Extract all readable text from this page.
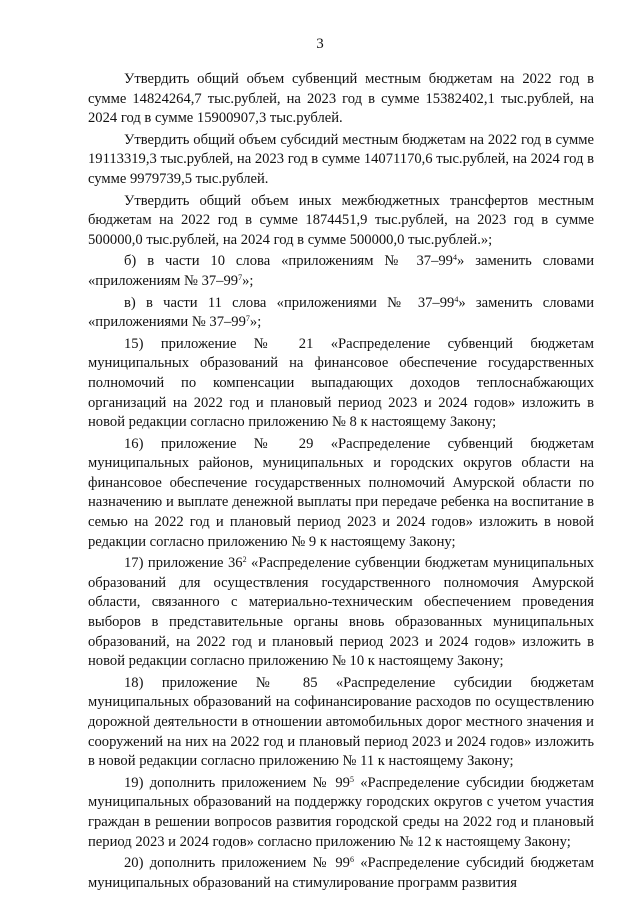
3

Утвердить общий объем субвенций местным бюджетам на 2022 год в сумме 14824264,7 тыс.рублей, на 2023 год в сумме 15382402,1 тыс.рублей, на 2024 год в сумме 15900907,3 тыс.рублей.

Утвердить общий объем субсидий местным бюджетам на 2022 год в сумме 19113319,3 тыс.рублей, на 2023 год в сумме 14071170,6 тыс.рублей, на 2024 год в сумме 9979739,5 тыс.рублей.

Утвердить общий объем иных межбюджетных трансфертов местным бюджетам на 2022 год в сумме 1874451,9 тыс.рублей, на 2023 год в сумме 500000,0 тыс.рублей, на 2024 год в сумме 500000,0 тыс.рублей.»;

б) в части 10 слова «приложениям № $37-99^4$» заменить словами «приложениям № $37-99^7$»;

в) в части 11 слова «приложениями № $37-99^4$» заменить словами «приложениями № $37-99^7$»;

15) приложение № 21 «Распределение субвенций бюджетам муниципальных образований на финансовое обеспечение государственных полномочий по компенсации выпадающих доходов теплоснабжающих организаций на 2022 год и плановый период 2023 и 2024 годов» изложить в новой редакции согласно приложению № 8 к настоящему Закону;

16) приложение № 29 «Распределение субвенций бюджетам муниципальных районов, муниципальных и городских округов области на финансовое обеспечение государственных полномочий Амурской области по назначению и выплате денежной выплаты при передаче ребенка на воспитание в семью на 2022 год и плановый период 2023 и 2024 годов» изложить в новой редакции согласно приложению № 9 к настоящему Закону;

17) приложение $36^2$ «Распределение субвенции бюджетам муниципальных образований для осуществления государственного полномочия Амурской области, связанного с материально-техническим обеспечением проведения выборов в представительные органы вновь образованных муниципальных образований, на 2022 год и плановый период 2023 и 2024 годов» изложить в новой редакции согласно приложению № 10 к настоящему Закону;

18) приложение № 85 «Распределение субсидии бюджетам муниципальных образований на софинансирование расходов по осуществлению дорожной деятельности в отношении автомобильных дорог местного значения и сооружений на них на 2022 год и плановый период 2023 и 2024 годов» изложить в новой редакции согласно приложению № 11 к настоящему Закону;

19) дополнить приложением № $99^5$ «Распределение субсидии бюджетам муниципальных образований на поддержку городских округов с учетом участия граждан в решении вопросов развития городской среды на 2022 год и плановый период 2023 и 2024 годов» согласно приложению № 12 к настоящему Закону;

20) дополнить приложением № $99^6$ «Распределение субсидий бюджетам муниципальных образований на стимулирование программ развития
